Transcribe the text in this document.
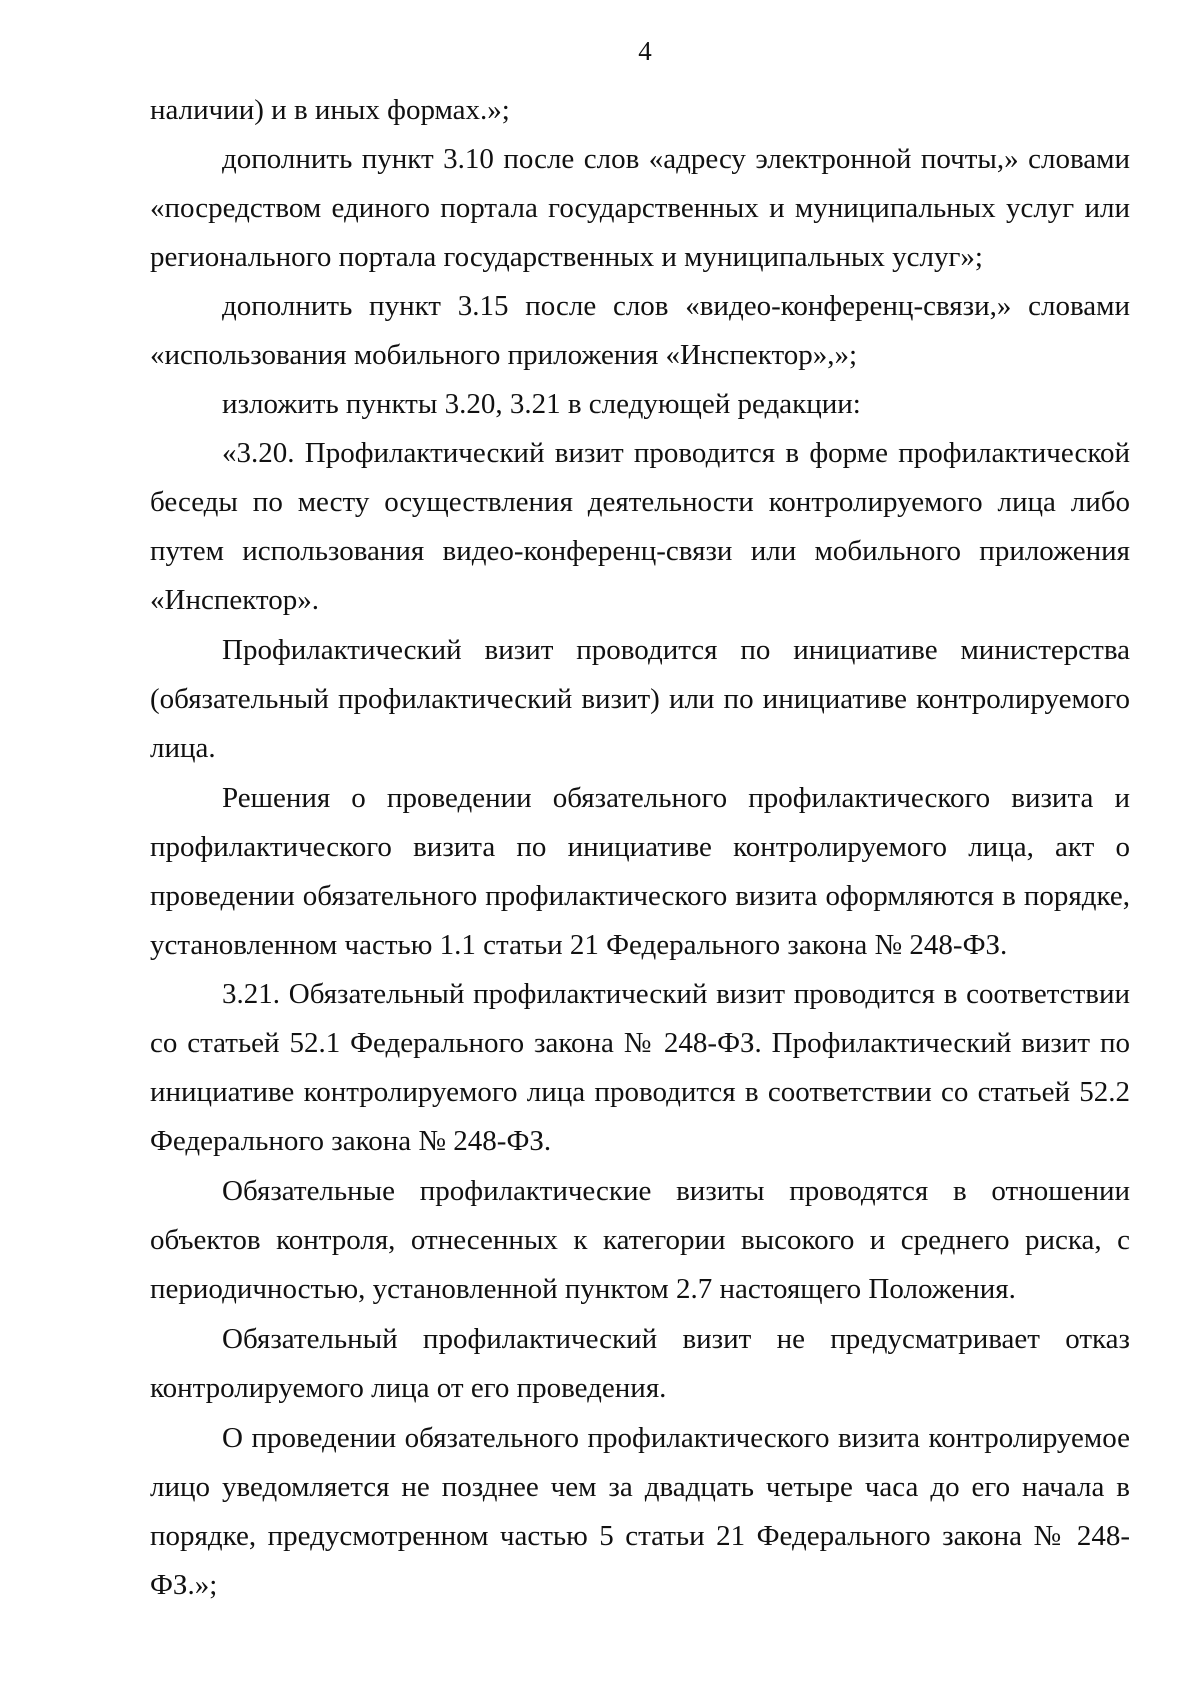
4

наличии) и в иных формах.»;

дополнить пункт 3.10 после слов «адресу электронной почты,» словами «посредством единого портала государственных и муниципальных услуг или регионального портала государственных и муниципальных услуг»;

дополнить пункт 3.15 после слов «видео-конференц-связи,» словами «использования мобильного приложения «Инспектор»,»;

изложить пункты 3.20, 3.21 в следующей редакции:

«3.20. Профилактический визит проводится в форме профилактической беседы по месту осуществления деятельности контролируемого лица либо путем использования видео-конференц-связи или мобильного приложения «Инспектор».

Профилактический визит проводится по инициативе министерства (обязательный профилактический визит) или по инициативе контролируемого лица.

Решения о проведении обязательного профилактического визита и профилактического визита по инициативе контролируемого лица, акт о проведении обязательного профилактического визита оформляются в порядке, установленном частью 1.1 статьи 21 Федерального закона № 248-ФЗ.

3.21. Обязательный профилактический визит проводится в соответствии со статьей 52.1 Федерального закона № 248-ФЗ. Профилактический визит по инициативе контролируемого лица проводится в соответствии со статьей 52.2 Федерального закона № 248-ФЗ.

Обязательные профилактические визиты проводятся в отношении объектов контроля, отнесенных к категории высокого и среднего риска, с периодичностью, установленной пунктом 2.7 настоящего Положения.

Обязательный профилактический визит не предусматривает отказ контролируемого лица от его проведения.

О проведении обязательного профилактического визита контролируемое лицо уведомляется не позднее чем за двадцать четыре часа до его начала в порядке, предусмотренном частью 5 статьи 21 Федерального закона № 248-ФЗ.»;
